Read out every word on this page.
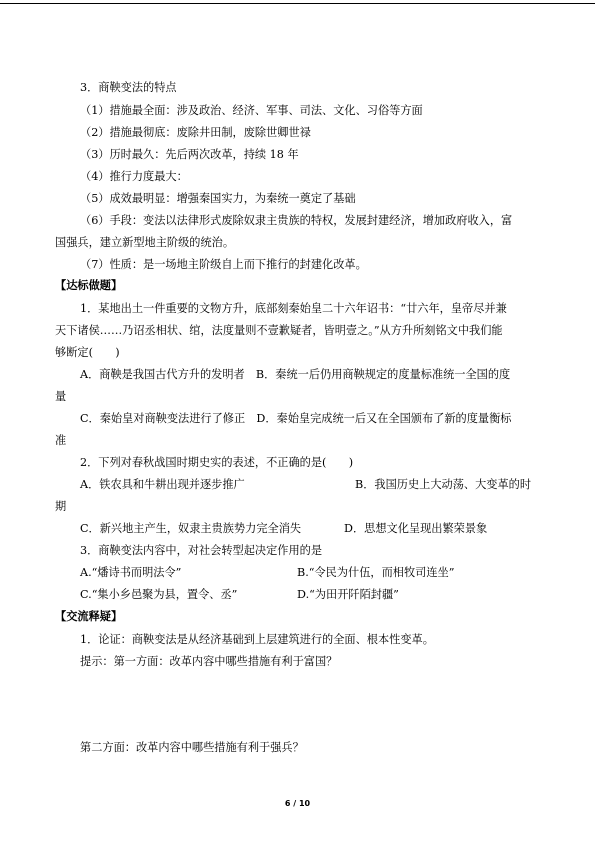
3．商鞅变法的特点
（1）措施最全面：涉及政治、经济、军事、司法、文化、习俗等方面
（2）措施最彻底：废除井田制，废除世卿世禄
（3）历时最久：先后两次改革，持续 18 年
（4）推行力度最大：
（5）成效最明显：增强秦国实力，为秦统一奠定了基础
（6）手段：变法以法律形式废除奴隶主贵族的特权，发展封建经济，增加政府收入，富
国强兵，建立新型地主阶级的统治。
（7）性质：是一场地主阶级自上而下推行的封建化改革。
【达标做题】
1．某地出土一件重要的文物方升，底部刻秦始皇二十六年诏书：“廿六年，皇帝尽并兼
天下诸侯……乃诏丞相状、绾，法度量则不壹歉疑者，皆明壹之。”从方升所刻铭文中我们能
够断定(　　)
A．商鞅是我国古代方升的发明者　B．秦统一后仍用商鞅规定的度量标准统一全国的度
量
C．秦始皇对商鞅变法进行了修正　D．秦始皇完成统一后又在全国颁布了新的度量衡标
准
2．下列对春秋战国时期史实的表述，不正确的是(　　)
A．铁农具和牛耕出现并逐步推广	B．我国历史上大动荡、大变革的时
期
C．新兴地主产生，奴隶主贵族势力完全消失	D．思想文化呈现出繁荣景象
3．商鞅变法内容中，对社会转型起决定作用的是
A.“燔诗书而明法令”	B.“令民为什伍，而相牧司连坐”
C.“集小乡邑聚为县，置令、丞”	D.“为田开阡陌封疆”
【交流释疑】
1．论证：商鞅变法是从经济基础到上层建筑进行的全面、根本性变革。
提示：第一方面：改革内容中哪些措施有利于富国？
第二方面：改革内容中哪些措施有利于强兵？
6 / 10
